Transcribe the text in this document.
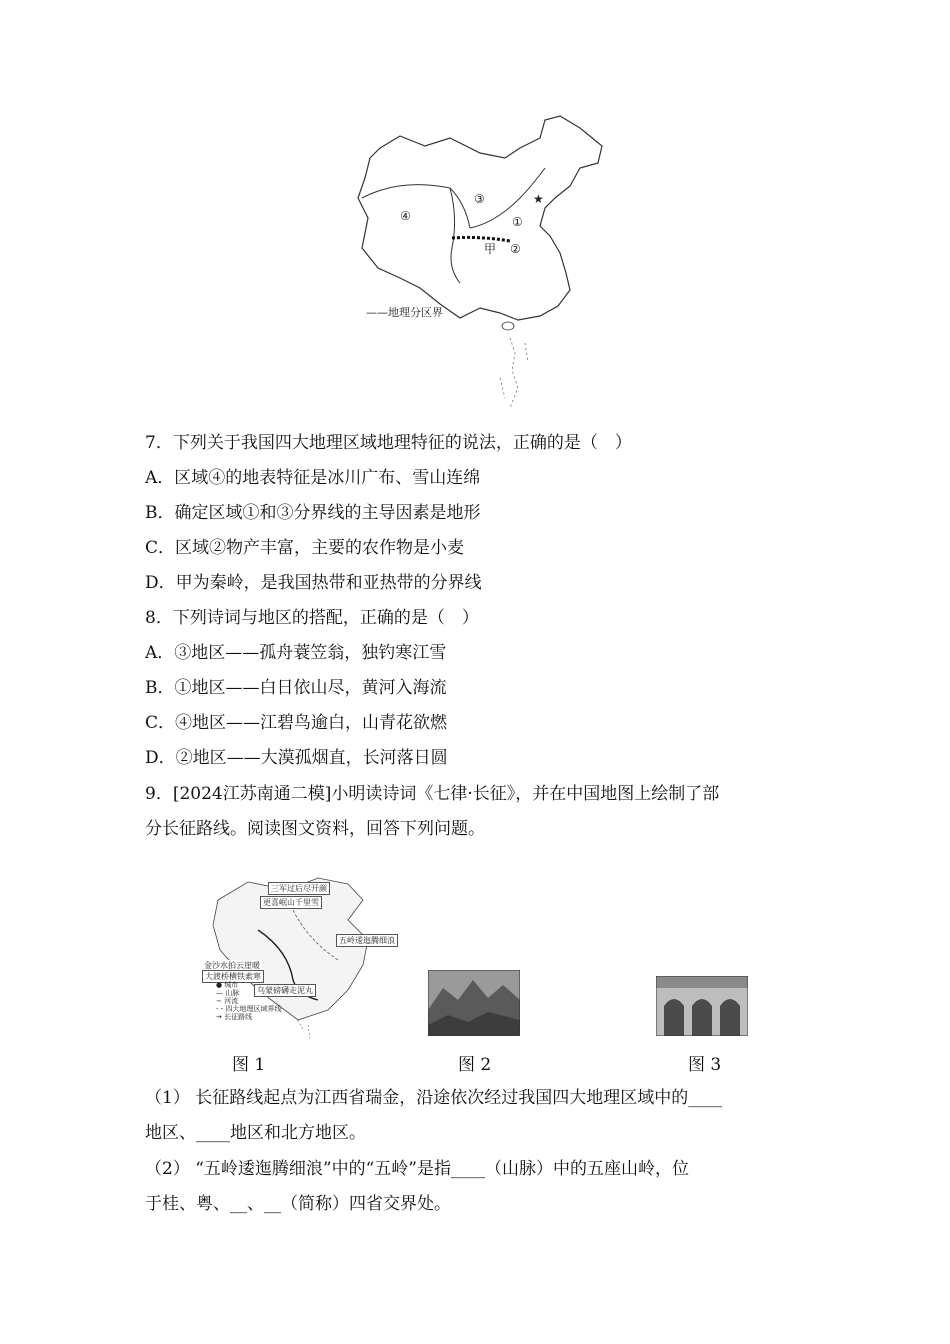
★
③
①
④
甲 ②
——地理分区界
7．下列关于我国四大地理区域地理特征的说法，正确的是（　）
A．区域④的地表特征是冰川广布、雪山连绵
B．确定区域①和③分界线的主导因素是地形
C．区域②物产丰富，主要的农作物是小麦
D．甲为秦岭，是我国热带和亚热带的分界线
8．下列诗词与地区的搭配，正确的是（　）
A．③地区——孤舟蓑笠翁，独钓寒江雪
B．①地区——白日依山尽，黄河入海流
C．④地区——江碧鸟逾白，山青花欲燃
D．②地区——大漠孤烟直，长河落日圆
9．[2024江苏南通二模]小明读诗词《七律·长征》，并在中国地图上绘制了部
分长征路线。阅读图文资料，回答下列问题。
三军过后尽开颜
更喜岷山千里雪
五岭逶迤腾细浪
金沙水拍云崖暖
大渡桥横铁索寒
乌蒙磅礴走泥丸
● 城市
— 山脉
∼ 河流
- - 四大地理区域界线
→ 长征路线
图 1	图 2	图 3
（1） 长征路线起点为江西省瑞金，沿途依次经过我国四大地理区域中的____
地区、____地区和北方地区。
（2） “五岭逶迤腾细浪”中的“五岭”是指____（山脉）中的五座山岭，位
于桂、粤、__、__（简称）四省交界处。
